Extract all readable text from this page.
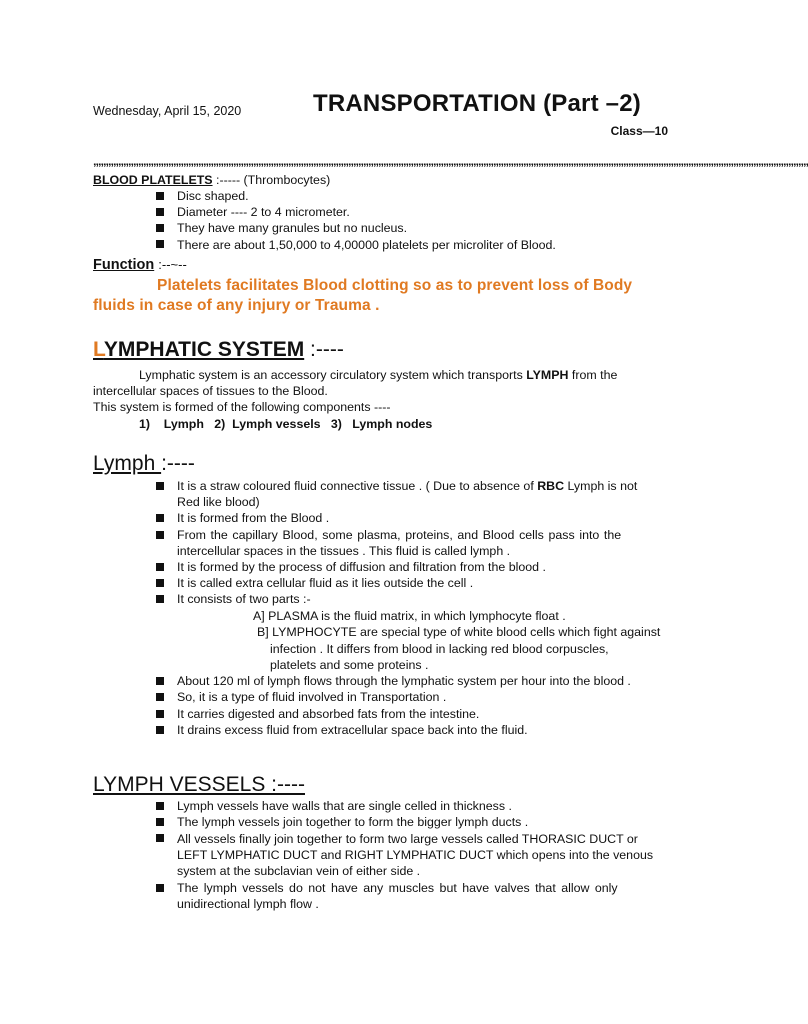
Wednesday, April 15, 2020	TRANSPORTATION (Part –2)
Class—10
„„„„„„„„„„„„„„„„„„„„„„„„„„„„„„„„„„„„„„„„„„„„„„„„„„„„„„„„„„„„„„„„„„„„„„„„„„„„„„„„„„„„„„„„„„„„„„„„„„„„„„„„„„„„„„„„„„„„„„„„„„„„„„„„„„„„„„„„„„„„„„„
BLOOD PLATELETS :----- (Thrombocytes)
Disc shaped.
Diameter ---- 2 to 4 micrometer.
They have many granules but no nucleus.
There are about 1,50,000 to 4,00000 platelets per microliter of Blood.
Function :--~--
Platelets facilitates Blood clotting so as to prevent loss of Body
fluids in case of any injury or Trauma .
LYMPHATIC SYSTEM :----
Lymphatic system is an accessory circulatory system which transports LYMPH from the
intercellular spaces of tissues to the Blood.
This system is formed of the following components ----
1)    Lymph   2)  Lymph vessels   3)   Lymph nodes
Lymph :----
It is a straw coloured fluid connective tissue . ( Due to absence of RBC Lymph is not
Red like blood)
It is formed from the Blood .
From the capillary Blood, some plasma, proteins, and Blood cells pass into the
intercellular spaces in the tissues . This fluid is called lymph .
It is formed by the process of diffusion and filtration from the blood .
It is called extra cellular fluid as it lies outside the cell .
It consists of two parts :-
A] PLASMA is the fluid matrix, in which lymphocyte float .
B] LYMPHOCYTE are special type of white blood cells which fight against
infection . It differs from blood in lacking red blood corpuscles,
platelets and some proteins .
About 120 ml of lymph flows through the lymphatic system per hour into the blood .
So, it is a type of fluid involved in Transportation .
It carries digested and absorbed fats from the intestine.
It drains excess fluid from extracellular space back into the fluid.
LYMPH VESSELS :----
Lymph vessels have walls that are single celled in thickness .
The lymph vessels join together to form the bigger lymph ducts .
All vessels finally join together to form two large vessels called THORASIC DUCT or
LEFT LYMPHATIC DUCT and RIGHT LYMPHATIC DUCT which opens into the venous
system at the subclavian vein of either side .
The lymph vessels do not have any muscles but have valves that allow only
unidirectional lymph flow .
